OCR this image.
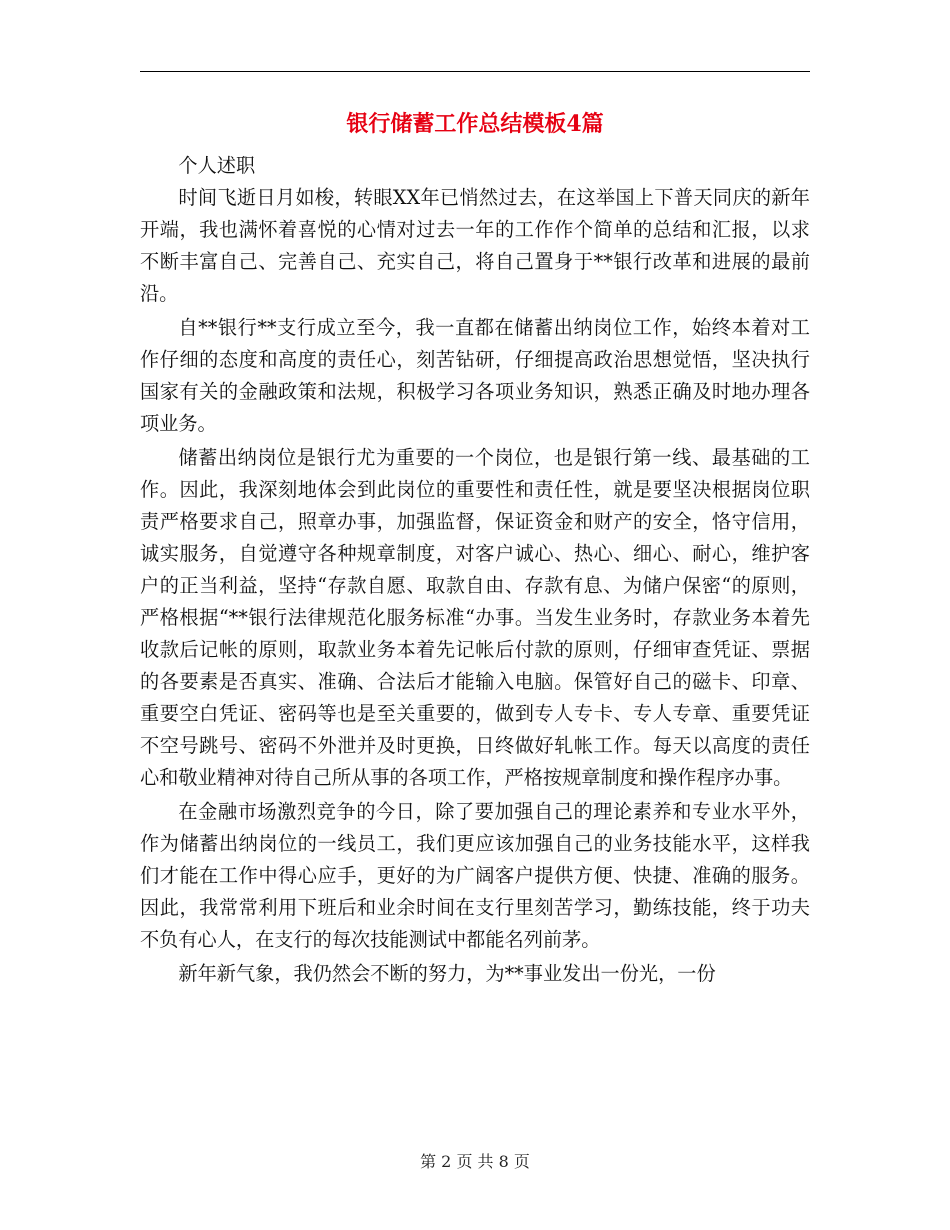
银行储蓄工作总结模板4篇

个人述职

时间飞逝日月如梭，转眼XX年已悄然过去，在这举国上下普天同庆的新年开端，我也满怀着喜悦的心情对过去一年的工作作个简单的总结和汇报，以求不断丰富自己、完善自己、充实自己，将自己置身于**银行改革和进展的最前沿。

自**银行**支行成立至今，我一直都在储蓄出纳岗位工作，始终本着对工作仔细的态度和高度的责任心，刻苦钻研，仔细提高政治思想觉悟，坚决执行国家有关的金融政策和法规，积极学习各项业务知识，熟悉正确及时地办理各项业务。

储蓄出纳岗位是银行尤为重要的一个岗位，也是银行第一线、最基础的工作。因此，我深刻地体会到此岗位的重要性和责任性，就是要坚决根据岗位职责严格要求自己，照章办事，加强监督，保证资金和财产的安全，恪守信用，诚实服务，自觉遵守各种规章制度，对客户诚心、热心、细心、耐心，维护客户的正当利益，坚持“存款自愿、取款自由、存款有息、为储户保密“的原则，严格根据“**银行法律规范化服务标准“办事。当发生业务时，存款业务本着先收款后记帐的原则，取款业务本着先记帐后付款的原则，仔细审查凭证、票据的各要素是否真实、准确、合法后才能输入电脑。保管好自己的磁卡、印章、重要空白凭证、密码等也是至关重要的，做到专人专卡、专人专章、重要凭证不空号跳号、密码不外泄并及时更换，日终做好轧帐工作。每天以高度的责任 心和敬业精神对待自己所从事的各项工作，严格按规章制度和操作程序办事。

在金融市场激烈竞争的今日，除了要加强自己的理论素养和专业水平外，作为储蓄出纳岗位的一线员工，我们更应该加强自己的业务技能水平，这样我们才能在工作中得心应手，更好的为广阔客户提供方便、快捷、准确的服务。因此，我常常利用下班后和业余时间在支行里刻苦学习，勤练技能，终于功夫不负有心人，在支行的每次技能测试中都能名列前茅。

新年新气象，我仍然会不断的努力，为**事业发出一份光，一份

第 2 页 共 8 页
